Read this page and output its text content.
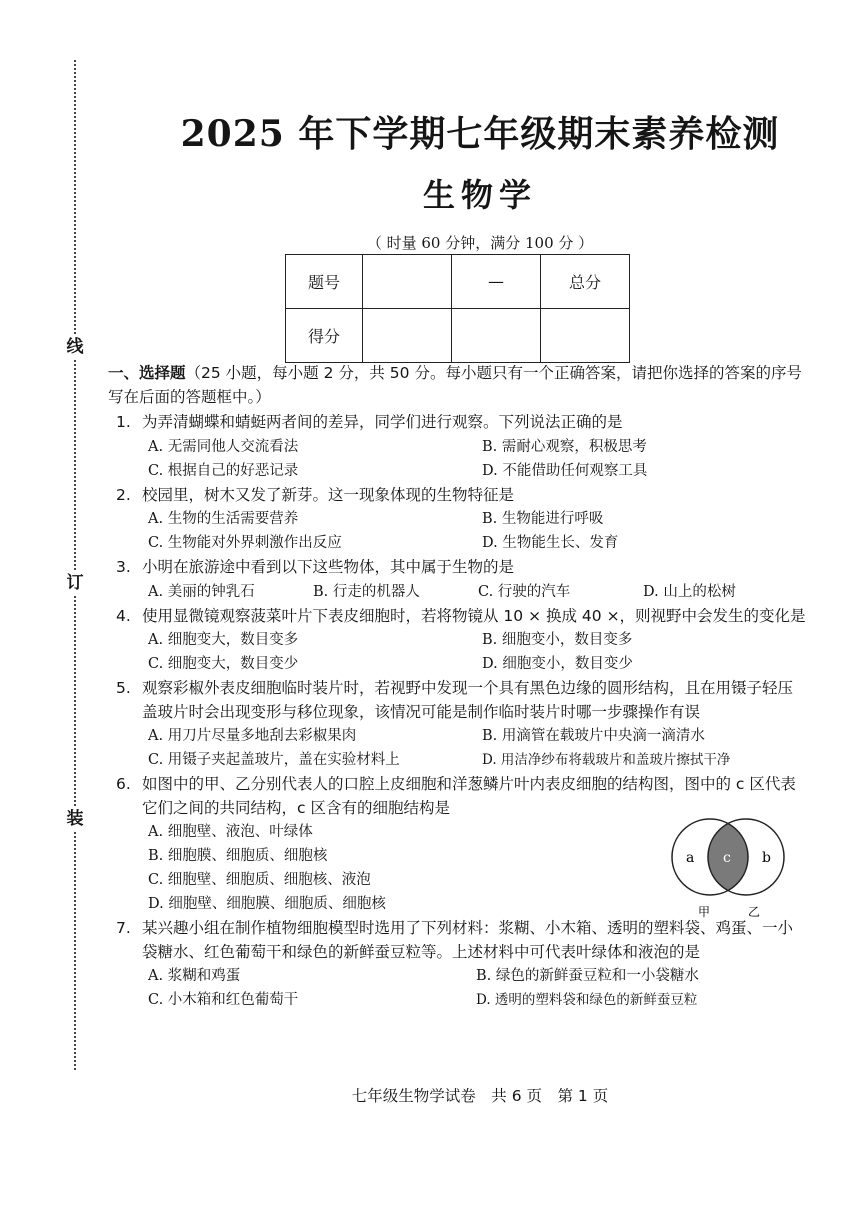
线
订
装
2025 年下学期七年级期末素养检测
生物学
（ 时量 60 分钟，满分 100 分 ）
题号		—	总分
得分			
一、选择题（25 小题，每小题 2 分，共 50 分。每小题只有一个正确答案，请把你选择的答案的序号写在后面的答题框中。）
1. 为弄清蝴蝶和蜻蜓两者间的差异，同学们进行观察。下列说法正确的是
A. 无需同他人交流看法	B. 需耐心观察，积极思考
C. 根据自己的好恶记录	D. 不能借助任何观察工具
2. 校园里，树木又发了新芽。这一现象体现的生物特征是
A. 生物的生活需要营养	B. 生物能进行呼吸
C. 生物能对外界刺激作出反应	D. 生物能生长、发育
3. 小明在旅游途中看到以下这些物体，其中属于生物的是
A. 美丽的钟乳石	B. 行走的机器人	C. 行驶的汽车	D. 山上的松树
4. 使用显微镜观察菠菜叶片下表皮细胞时，若将物镜从 10 × 换成 40 ×，则视野中会发生的变化是
A. 细胞变大，数目变多	B. 细胞变小，数目变多
C. 细胞变大，数目变少	D. 细胞变小，数目变少
5. 观察彩椒外表皮细胞临时装片时，若视野中发现一个具有黑色边缘的圆形结构，且在用镊子轻压盖玻片时会出现变形与移位现象，该情况可能是制作临时装片时哪一步骤操作有误
A. 用刀片尽量多地刮去彩椒果肉	B. 用滴管在载玻片中央滴一滴清水
C. 用镊子夹起盖玻片，盖在实验材料上	D. 用洁净纱布将载玻片和盖玻片擦拭干净
6. 如图中的甲、乙分别代表人的口腔上皮细胞和洋葱鳞片叶内表皮细胞的结构图，图中的 c 区代表它们之间的共同结构，c 区含有的细胞结构是
A. 细胞壁、液泡、叶绿体
B. 细胞膜、细胞质、细胞核
C. 细胞壁、细胞质、细胞核、液泡
D. 细胞壁、细胞膜、细胞质、细胞核
a c b
甲	乙
7. 某兴趣小组在制作植物细胞模型时选用了下列材料：浆糊、小木箱、透明的塑料袋、鸡蛋、一小袋糖水、红色葡萄干和绿色的新鲜蚕豆粒等。上述材料中可代表叶绿体和液泡的是
A. 浆糊和鸡蛋	B. 绿色的新鲜蚕豆粒和一小袋糖水
C. 小木箱和红色葡萄干	D. 透明的塑料袋和绿色的新鲜蚕豆粒
七年级生物学试卷　共 6 页　第 1 页
